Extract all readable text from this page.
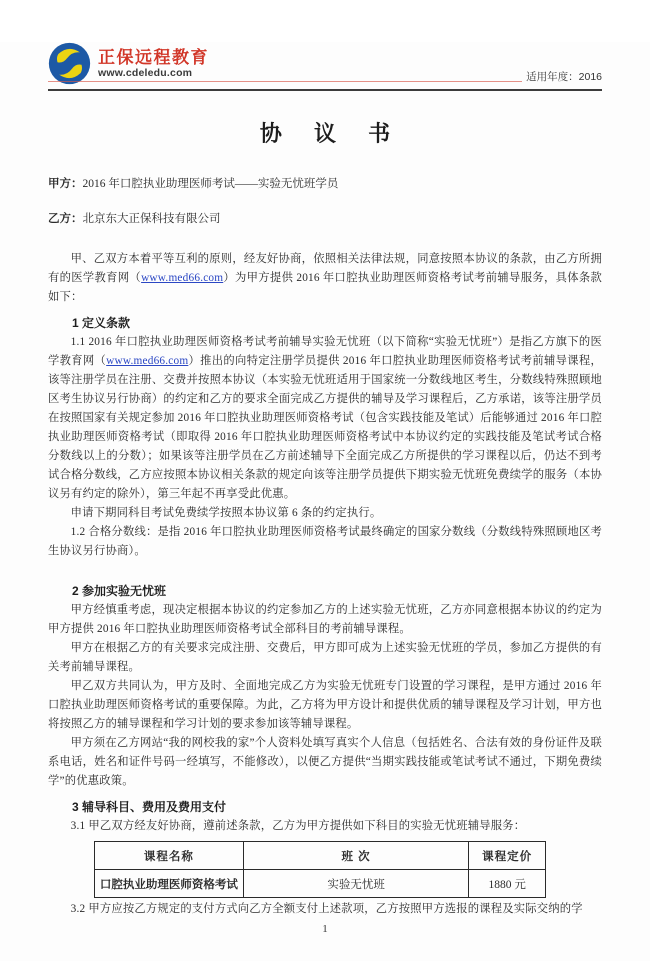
正保远程教育
www.cdeledu.com	适用年度：2016
协 议 书

甲方：2016 年口腔执业助理医师考试——实验无忧班学员

乙方：北京东大正保科技有限公司

甲、乙双方本着平等互利的原则，经友好协商，依照相关法律法规，同意按照本协议的条款，由乙方所拥有的医学教育网（www.med66.com）为甲方提供 2016 年口腔执业助理医师资格考试考前辅导服务，具体条款如下：

1 定义条款

1.1 2016 年口腔执业助理医师资格考试考前辅导实验无忧班（以下简称“实验无忧班”）是指乙方旗下的医学教育网（www.med66.com）推出的向特定注册学员提供 2016 年口腔执业助理医师资格考试考前辅导课程，该等注册学员在注册、交费并按照本协议（本实验无忧班适用于国家统一分数线地区考生，分数线特殊照顾地区考生协议另行协商）的约定和乙方的要求全面完成乙方提供的辅导及学习课程后，乙方承诺，该等注册学员在按照国家有关规定参加 2016 年口腔执业助理医师资格考试（包含实践技能及笔试）后能够通过 2016 年口腔执业助理医师资格考试（即取得 2016 年口腔执业助理医师资格考试中本协议约定的实践技能及笔试考试合格分数线以上的分数）；如果该等注册学员在乙方前述辅导下全面完成乙方所提供的学习课程以后，仍达不到考试合格分数线，乙方应按照本协议相关条款的规定向该等注册学员提供下期实验无忧班免费续学的服务（本协议另有约定的除外），第三年起不再享受此优惠。

申请下期同科目考试免费续学按照本协议第 6 条的约定执行。

1.2 合格分数线：是指 2016 年口腔执业助理医师资格考试最终确定的国家分数线（分数线特殊照顾地区考生协议另行协商）。

2 参加实验无忧班

甲方经慎重考虑，现决定根据本协议的约定参加乙方的上述实验无忧班，乙方亦同意根据本协议的约定为甲方提供 2016 年口腔执业助理医师资格考试全部科目的考前辅导课程。

甲方在根据乙方的有关要求完成注册、交费后，甲方即可成为上述实验无忧班的学员，参加乙方提供的有关考前辅导课程。

甲乙双方共同认为，甲方及时、全面地完成乙方为实验无忧班专门设置的学习课程，是甲方通过 2016 年口腔执业助理医师资格考试的重要保障。为此，乙方将为甲方设计和提供优质的辅导课程及学习计划，甲方也将按照乙方的辅导课程和学习计划的要求参加该等辅导课程。

甲方须在乙方网站“我的网校我的家”个人资料处填写真实个人信息（包括姓名、合法有效的身份证件及联系电话，姓名和证件号码一经填写，不能修改），以便乙方提供“当期实践技能或笔试考试不通过，下期免费续学”的优惠政策。

3 辅导科目、费用及费用支付

3.1 甲乙双方经友好协商，遵前述条款，乙方为甲方提供如下科目的实验无忧班辅导服务：

课程名称	班 次	课程定价
口腔执业助理医师资格考试	实验无忧班	1880 元

3.2 甲方应按乙方规定的支付方式向乙方全额支付上述款项，乙方按照甲方选报的课程及实际交纳的学

1
